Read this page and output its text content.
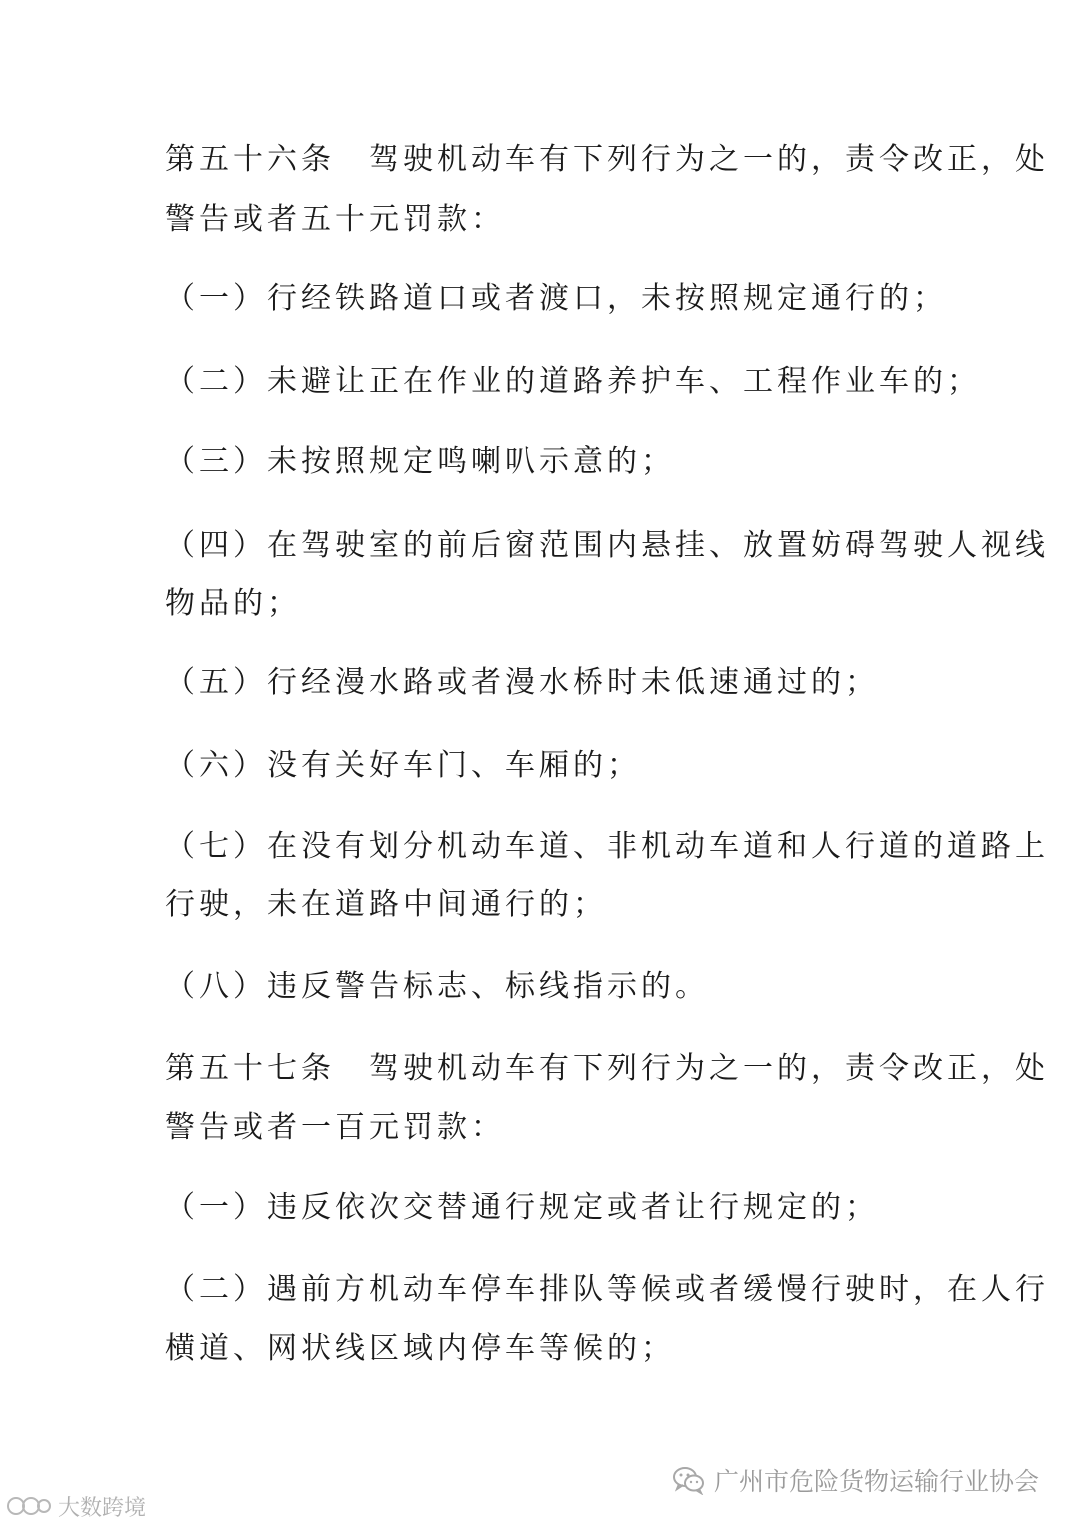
第五十六条　驾驶机动车有下列行为之一的，责令改正，处
警告或者五十元罚款：
（一）行经铁路道口或者渡口，未按照规定通行的；
（二）未避让正在作业的道路养护车、工程作业车的；
（三）未按照规定鸣喇叭示意的；
（四）在驾驶室的前后窗范围内悬挂、放置妨碍驾驶人视线
物品的；
（五）行经漫水路或者漫水桥时未低速通过的；
（六）没有关好车门、车厢的；
（七）在没有划分机动车道、非机动车道和人行道的道路上
行驶，未在道路中间通行的；
（八）违反警告标志、标线指示的。
第五十七条　驾驶机动车有下列行为之一的，责令改正，处
警告或者一百元罚款：
（一）违反依次交替通行规定或者让行规定的；
（二）遇前方机动车停车排队等候或者缓慢行驶时，在人行
横道、网状线区域内停车等候的；
广州市危险货物运输行业协会
大数跨境
